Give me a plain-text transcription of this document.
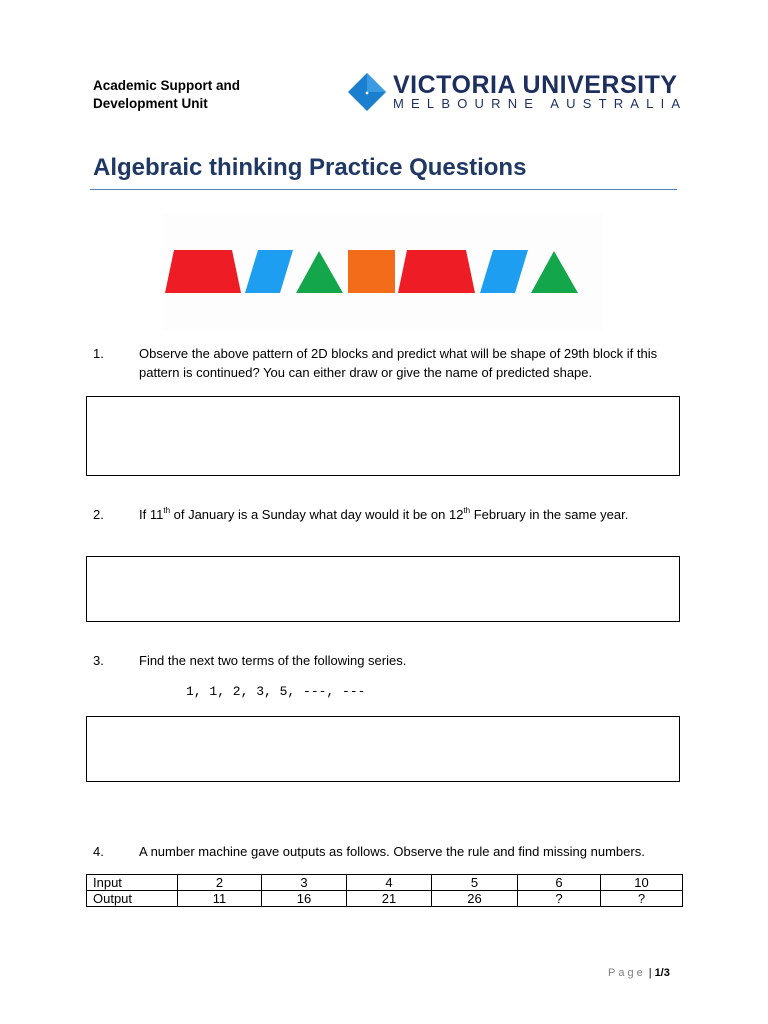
Academic Support and
Development Unit
VICTORIA UNIVERSITY
MELBOURNE AUSTRALIA
Algebraic thinking Practice Questions
1.	Observe the above pattern of 2D blocks and predict what will be shape of 29th block if this
pattern is continued? You can either draw or give the name of predicted shape.
2.	If 11th of January is a Sunday what day would it be on 12th February in the same year.
3.	Find the next two terms of the following series.
1, 1, 2, 3, 5, ---, ---
4.	A number machine gave outputs as follows. Observe the rule and find missing numbers.
Input	2	3	4	5	6	10
Output	11	16	21	26	?	?
Page | 1/3
